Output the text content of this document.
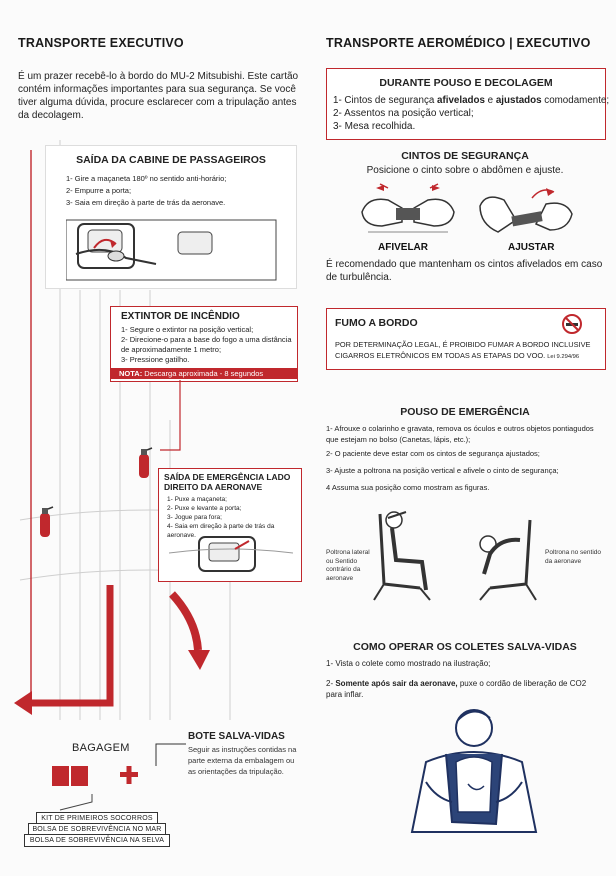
TRANSPORTE EXECUTIVO
É um prazer recebê-lo à bordo do MU-2 Mitsubishi. Este cartão contém informações importantes para sua segurança. Se você tiver alguma dúvida, procure esclarecer com a tripulação antes da decolagem.
SAÍDA DA CABINE DE PASSAGEIROS
1- Gire a maçaneta 180º no sentido anti-horário;
2- Empurre a porta;
3- Saia em direção à parte de trás da aeronave.
EXTINTOR DE INCÊNDIO
1- Segure o extintor na posição vertical;
2- Direcione-o para a base do fogo a uma distância de aproximadamente 1 metro;
3- Pressione gatilho.
NOTA: Descarga aproximada - 8 segundos
SAÍDA DE EMERGÊNCIA LADO DIREITO DA AERONAVE
1- Puxe a maçaneta;
2- Puxe e levante a porta;
3- Jogue para fora;
4- Saia em direção à parte de trás da aeronave.
BOTE SALVA-VIDAS
Seguir as instruções contidas na parte externa da embalagem ou as orientações da tripulação.
BAGAGEM
KIT DE PRIMEIROS SOCORROS
BOLSA DE SOBREVIVÊNCIA NO MAR
BOLSA DE SOBREVIVÊNCIA NA SELVA
TRANSPORTE AEROMÉDICO | EXECUTIVO
DURANTE POUSO E DECOLAGEM
1- Cintos de segurança afivelados e ajustados comodamente;
2- Assentos na posição vertical;
3- Mesa recolhida.
CINTOS DE SEGURANÇA
Posicione o cinto sobre o abdômen e ajuste.
AFIVELAR	AJUSTAR
É recomendado que mantenham os cintos afivelados em caso de turbulência.
FUMO A BORDO
POR DETERMINAÇÃO LEGAL, É PROIBIDO FUMAR A BORDO INCLUSIVE CIGARROS ELETRÔNICOS EM TODAS AS ETAPAS DO VOO. Lei 9.294/96
POUSO DE EMERGÊNCIA
1- Afrouxe o colarinho e gravata, remova os óculos e outros objetos pontiagudos que estejam no bolso (Canetas, lápis, etc.);
2- O paciente deve estar com os cintos de segurança ajustados;
3- Ajuste a poltrona na posição vertical e afivele o cinto de segurança;
4 Assuma sua posição como mostram as figuras.
Poltrona lateral ou Sentido contrário da aeronave
Poltrona no sentido da aeronave
COMO OPERAR OS COLETES SALVA-VIDAS
1- Vista o colete como mostrado na ilustração;
2- Somente após sair da aeronave, puxe o cordão de liberação de CO2 para inflar.
